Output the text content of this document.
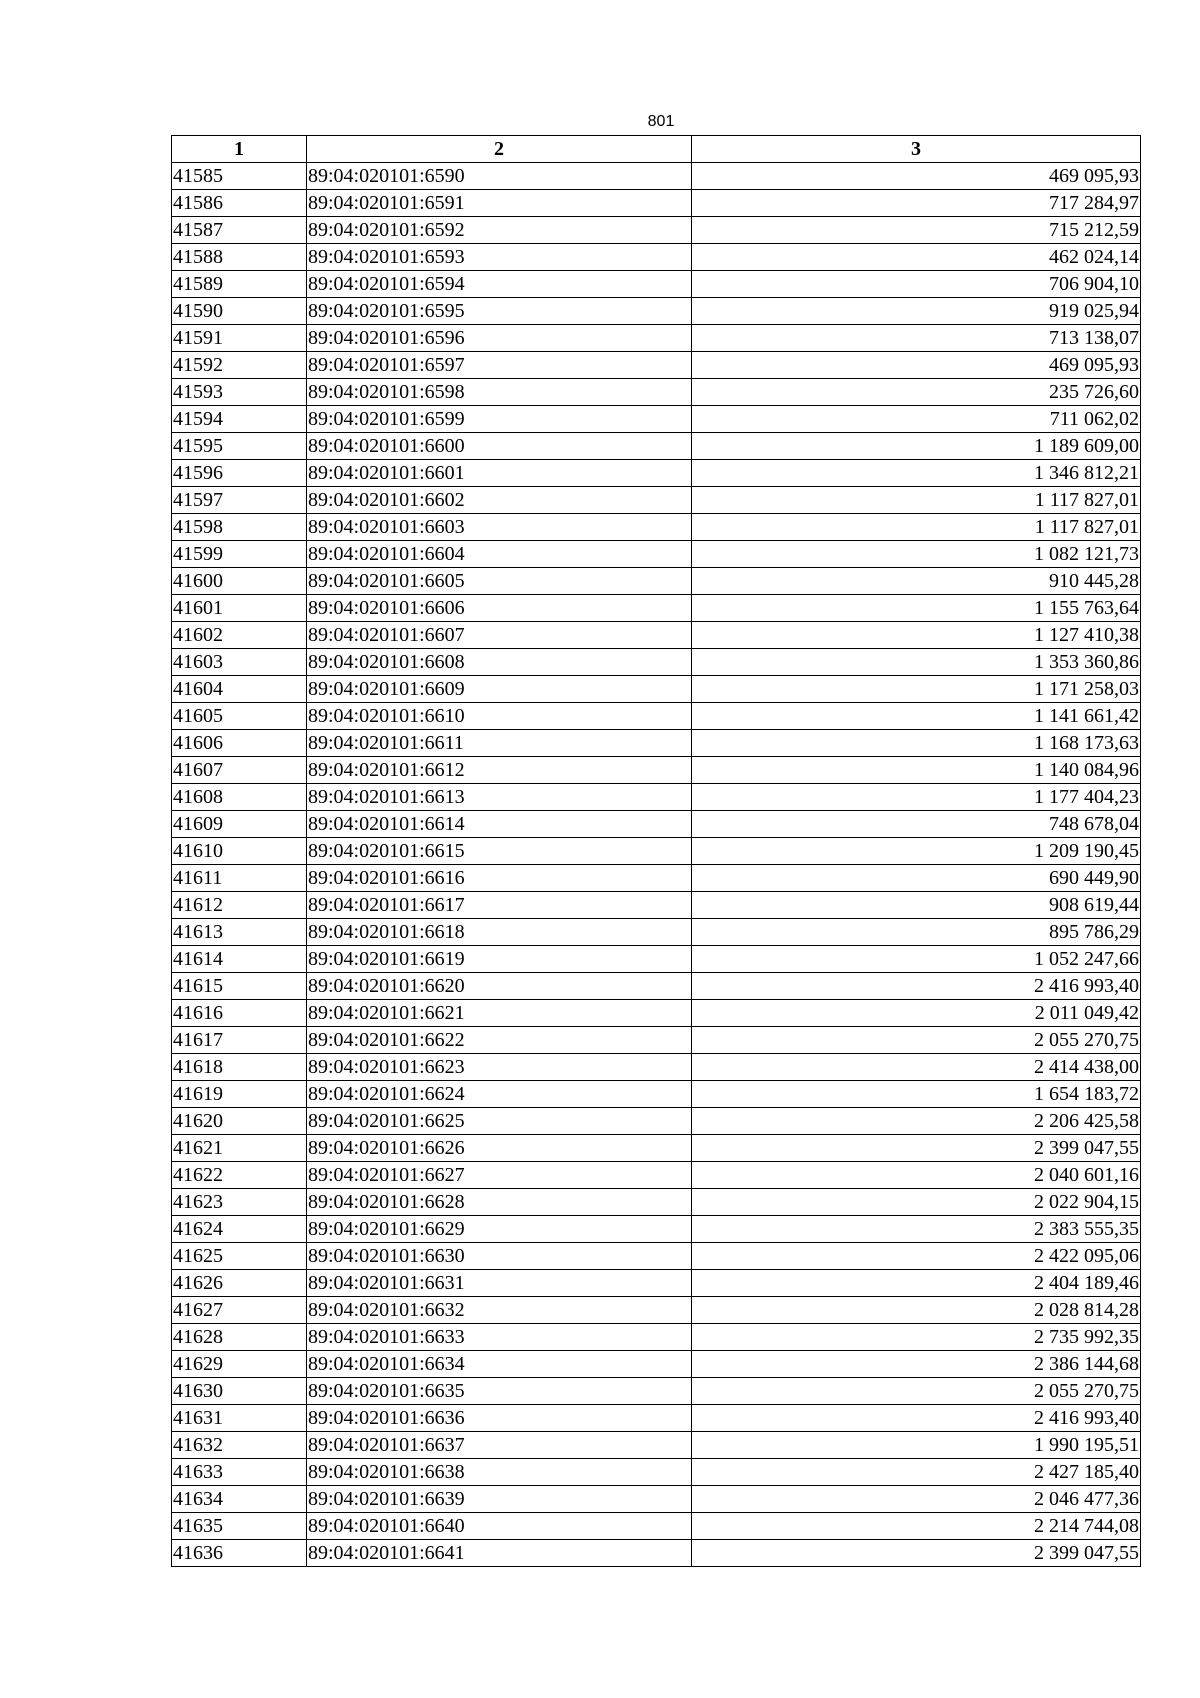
801
1	2	3
41585	89:04:020101:6590	469 095,93
41586	89:04:020101:6591	717 284,97
41587	89:04:020101:6592	715 212,59
41588	89:04:020101:6593	462 024,14
41589	89:04:020101:6594	706 904,10
41590	89:04:020101:6595	919 025,94
41591	89:04:020101:6596	713 138,07
41592	89:04:020101:6597	469 095,93
41593	89:04:020101:6598	235 726,60
41594	89:04:020101:6599	711 062,02
41595	89:04:020101:6600	1 189 609,00
41596	89:04:020101:6601	1 346 812,21
41597	89:04:020101:6602	1 117 827,01
41598	89:04:020101:6603	1 117 827,01
41599	89:04:020101:6604	1 082 121,73
41600	89:04:020101:6605	910 445,28
41601	89:04:020101:6606	1 155 763,64
41602	89:04:020101:6607	1 127 410,38
41603	89:04:020101:6608	1 353 360,86
41604	89:04:020101:6609	1 171 258,03
41605	89:04:020101:6610	1 141 661,42
41606	89:04:020101:6611	1 168 173,63
41607	89:04:020101:6612	1 140 084,96
41608	89:04:020101:6613	1 177 404,23
41609	89:04:020101:6614	748 678,04
41610	89:04:020101:6615	1 209 190,45
41611	89:04:020101:6616	690 449,90
41612	89:04:020101:6617	908 619,44
41613	89:04:020101:6618	895 786,29
41614	89:04:020101:6619	1 052 247,66
41615	89:04:020101:6620	2 416 993,40
41616	89:04:020101:6621	2 011 049,42
41617	89:04:020101:6622	2 055 270,75
41618	89:04:020101:6623	2 414 438,00
41619	89:04:020101:6624	1 654 183,72
41620	89:04:020101:6625	2 206 425,58
41621	89:04:020101:6626	2 399 047,55
41622	89:04:020101:6627	2 040 601,16
41623	89:04:020101:6628	2 022 904,15
41624	89:04:020101:6629	2 383 555,35
41625	89:04:020101:6630	2 422 095,06
41626	89:04:020101:6631	2 404 189,46
41627	89:04:020101:6632	2 028 814,28
41628	89:04:020101:6633	2 735 992,35
41629	89:04:020101:6634	2 386 144,68
41630	89:04:020101:6635	2 055 270,75
41631	89:04:020101:6636	2 416 993,40
41632	89:04:020101:6637	1 990 195,51
41633	89:04:020101:6638	2 427 185,40
41634	89:04:020101:6639	2 046 477,36
41635	89:04:020101:6640	2 214 744,08
41636	89:04:020101:6641	2 399 047,55
